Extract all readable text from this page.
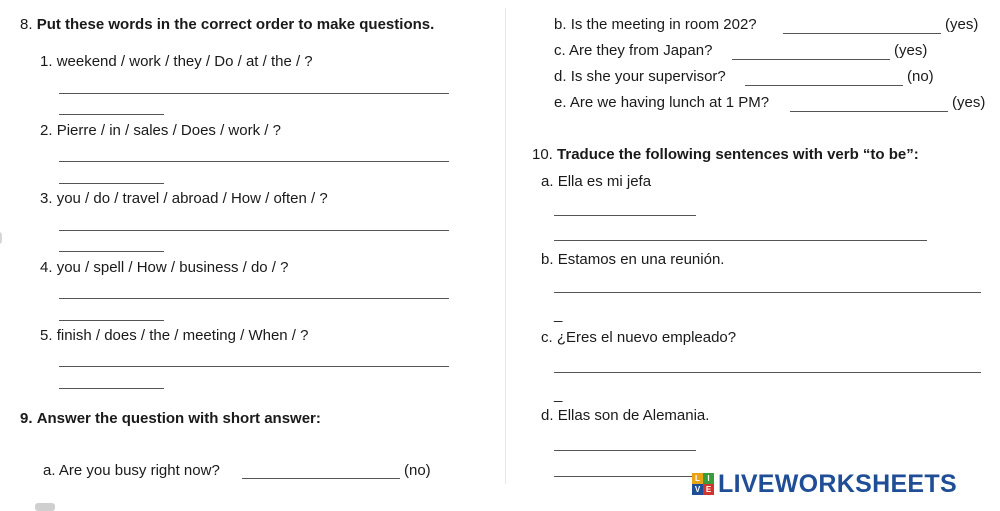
8. Put these words in the correct order to make questions.
1. weekend / work / they / Do / at / the / ?
2. Pierre / in / sales / Does / work / ?
3. you / do / travel / abroad / How / often / ?
4. you / spell / How / business / do / ?
5. finish / does / the / meeting / When / ?
9. Answer the question with short answer:
a. Are you busy right now?	(no)
b. Is the meeting in room 202?	(yes)
c. Are they from Japan?	(yes)
d. Is she your supervisor?	(no)
e. Are we having lunch at 1 PM?	(yes)
10. Traduce the following sentences with verb “to be”:
a. Ella es mi jefa
b. Estamos en una reunión.
_
c. ¿Eres el nuevo empleado?
_
d. Ellas son de Alemania.
L I
V E LIVEWORKSHEETS
